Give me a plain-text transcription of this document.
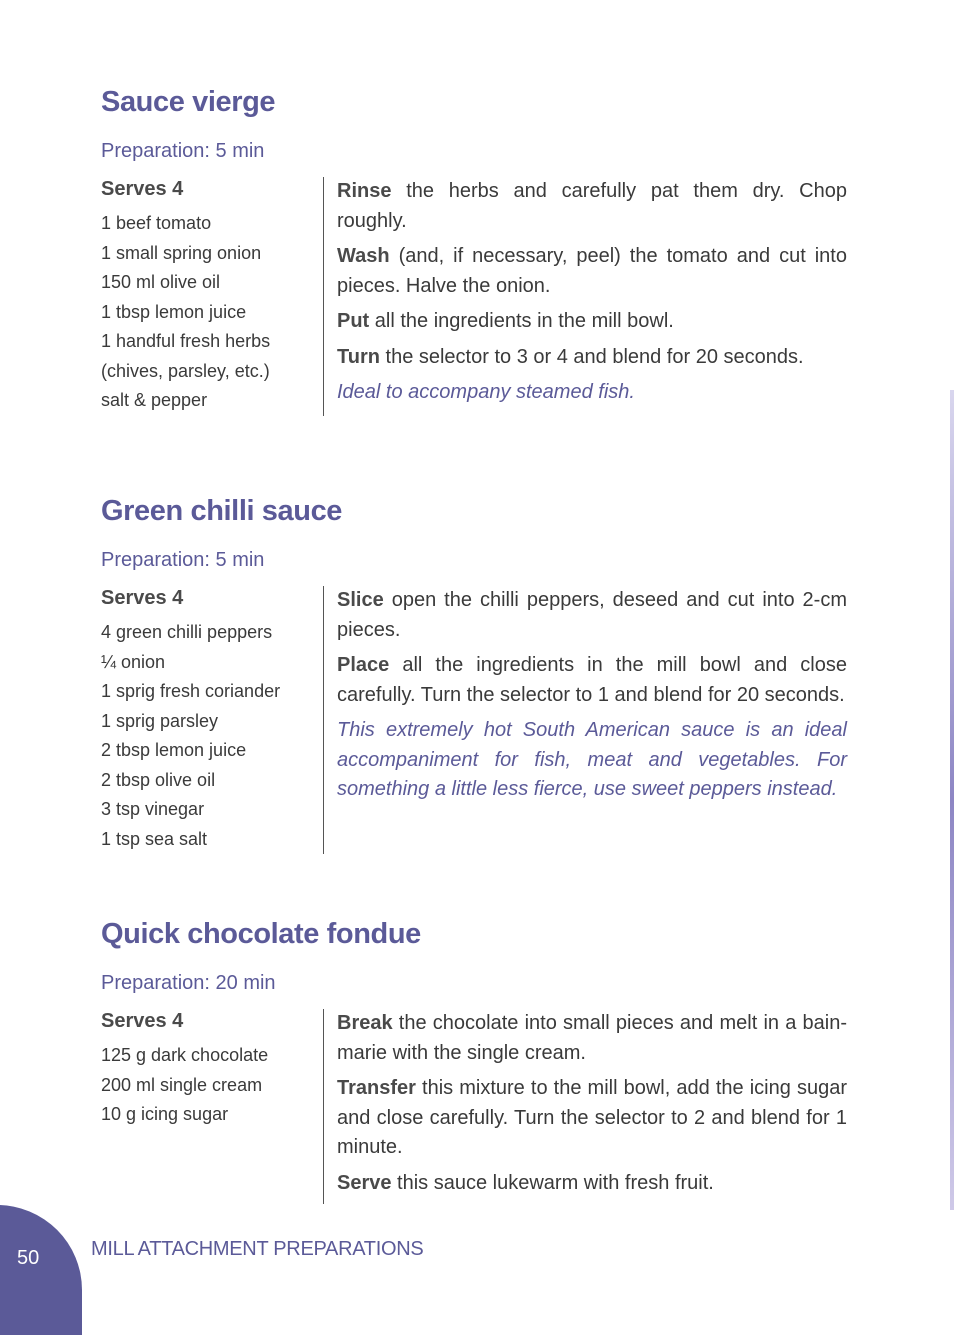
Sauce vierge
Preparation: 5 min
Serves 4
1 beef tomato
1 small spring onion
150 ml olive oil
1 tbsp lemon juice
1 handful fresh herbs
(chives, parsley, etc.)
salt & pepper

Rinse the herbs and carefully pat them dry. Chop roughly.

Wash (and, if necessary, peel) the tomato and cut into pieces. Halve the onion.

Put all the ingredients in the mill bowl.

Turn the selector to 3 or 4 and blend for 20 seconds.

Ideal to accompany steamed fish.

Green chilli sauce
Preparation: 5 min
Serves 4
4 green chilli peppers
¼ onion
1 sprig fresh coriander
1 sprig parsley
2 tbsp lemon juice
2 tbsp olive oil
3 tsp vinegar
1 tsp sea salt

Slice open the chilli peppers, deseed and cut into 2-cm pieces.

Place all the ingredients in the mill bowl and close carefully. Turn the selector to 1 and blend for 20 seconds.

This extremely hot South American sauce is an ideal accompaniment for fish, meat and vegetables. For something a little less fierce, use sweet peppers instead.

Quick chocolate fondue
Preparation: 20 min
Serves 4
125 g dark chocolate
200 ml single cream
10 g icing sugar

Break the chocolate into small pieces and melt in a bain-marie with the single cream.

Transfer this mixture to the mill bowl, add the icing sugar and close carefully. Turn the selector to 2 and blend for 1 minute.

Serve this sauce lukewarm with fresh fruit.

50	MILL ATTACHMENT PREPARATIONS
